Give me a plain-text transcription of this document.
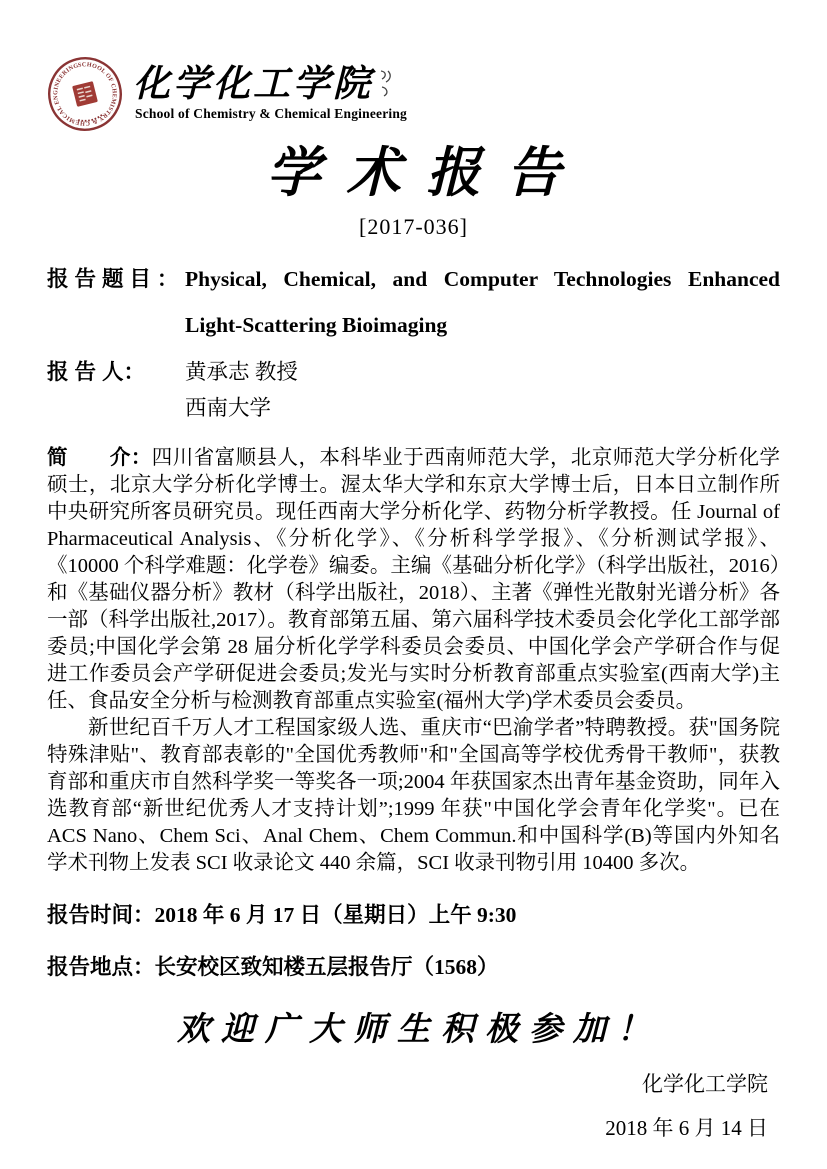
SCHOOL OF CHEMISTRY & CHEMICAL ENGINEERING	化学化工学院
School of Chemistry & Chemical Engineering
学术报告
[2017-036]
报 告 题 目 ： Physical, Chemical, and Computer Technologies Enhanced
Light-Scattering Bioimaging
报 告 人：	黄承志 教授
西南大学

简　　介：四川省富顺县人，本科毕业于西南师范大学，北京师范大学分析化学硕士，北京大学分析化学博士。渥太华大学和东京大学博士后，日本日立制作所中央研究所客员研究员。现任西南大学分析化学、药物分析学教授。任 Journal of Pharmaceutical Analysis、《分析化学》、《分析科学学报》、《分析测试学报》、《10000 个科学难题：化学卷》编委。主编《基础分析化学》（科学出版社，2016）和《基础仪器分析》教材（科学出版社，2018）、主著《弹性光散射光谱分析》各一部（科学出版社,2017）。教育部第五届、第六届科学技术委员会化学化工部学部委员;中国化学会第 28 届分析化学学科委员会委员、中国化学会产学研合作与促进工作委员会产学研促进会委员;发光与实时分析教育部重点实验室(西南大学)主任、食品安全分析与检测教育部重点实验室(福州大学)学术委员会委员。

新世纪百千万人才工程国家级人选、重庆市“巴渝学者”特聘教授。获"国务院特殊津贴"、教育部表彰的"全国优秀教师"和"全国高等学校优秀骨干教师"，获教育部和重庆市自然科学奖一等奖各一项;2004 年获国家杰出青年基金资助，同年入选教育部“新世纪优秀人才支持计划”;1999 年获"中国化学会青年化学奖"。已在 ACS Nano、Chem Sci、Anal Chem、Chem Commun.和中国科学(B)等国内外知名学术刊物上发表 SCI 收录论文 440 余篇，SCI 收录刊物引用 10400 多次。

报告时间：2018 年 6 月 17 日（星期日）上午 9:30
报告地点：长安校区致知楼五层报告厅（1568）
欢迎广大师生积极参加！
化学化工学院
2018 年 6 月 14 日
